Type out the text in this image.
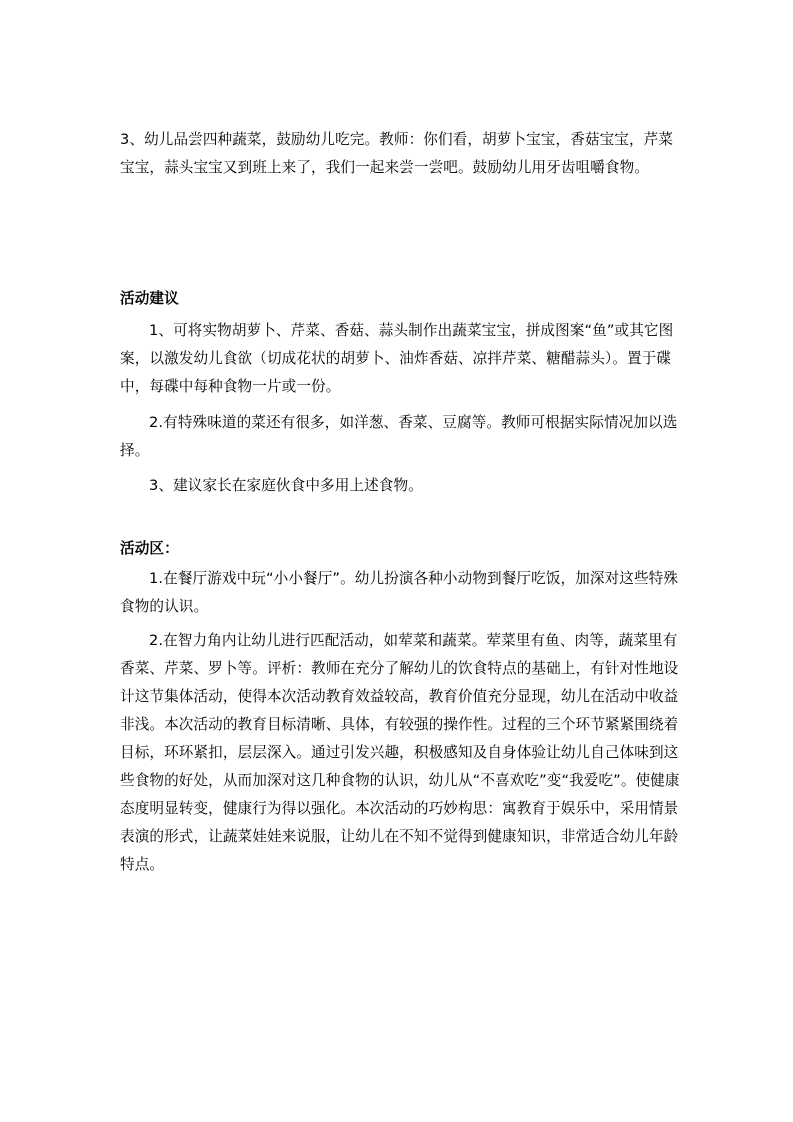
3、幼儿品尝四种蔬菜，鼓励幼儿吃完。教师：你们看，胡萝卜宝宝，香菇宝宝，芹菜宝宝，蒜头宝宝又到班上来了，我们一起来尝一尝吧。鼓励幼儿用牙齿咀嚼食物。

活动建议

1、可将实物胡萝卜、芹菜、香菇、蒜头制作出蔬菜宝宝，拼成图案“鱼”或其它图案，以激发幼儿食欲（切成花状的胡萝卜、油炸香菇、凉拌芹菜、糖醋蒜头）。置于碟中，每碟中每种食物一片或一份。

2.有特殊味道的菜还有很多，如洋葱、香菜、豆腐等。教师可根据实际情况加以选择。

3、建议家长在家庭伙食中多用上述食物。

活动区：

1.在餐厅游戏中玩“小小餐厅”。幼儿扮演各种小动物到餐厅吃饭，加深对这些特殊食物的认识。

2.在智力角内让幼儿进行匹配活动，如荤菜和蔬菜。荤菜里有鱼、肉等，蔬菜里有香菜、芹菜、罗卜等。评析：教师在充分了解幼儿的饮食特点的基础上，有针对性地设计这节集体活动，使得本次活动教育效益较高，教育价值充分显现，幼儿在活动中收益非浅。本次活动的教育目标清晰、具体，有较强的操作性。过程的三个环节紧紧围绕着目标，环环紧扣，层层深入。通过引发兴趣，积极感知及自身体验让幼儿自己体味到这些食物的好处，从而加深对这几种食物的认识，幼儿从“不喜欢吃”变“我爱吃”。使健康态度明显转变，健康行为得以强化。本次活动的巧妙构思：寓教育于娱乐中，采用情景表演的形式，让蔬菜娃娃来说服，让幼儿在不知不觉得到健康知识，非常适合幼儿年龄特点。
